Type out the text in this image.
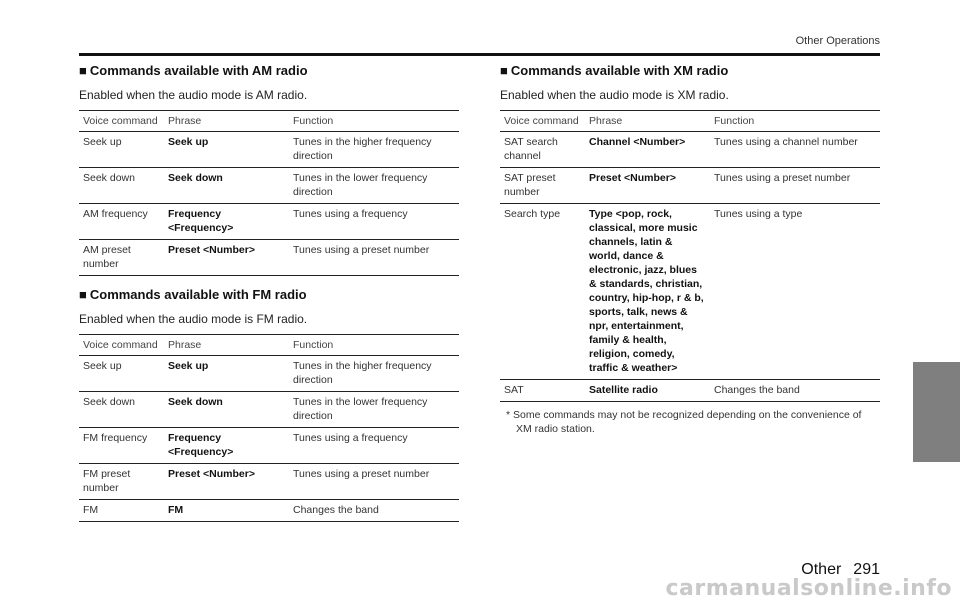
Other Operations
■ Commands available with AM radio
Enabled when the audio mode is AM radio.
Voice command	Phrase	Function
Seek up	Seek up	Tunes in the higher frequency direction
Seek down	Seek down	Tunes in the lower frequency direction
AM frequency	Frequency <Frequency>	Tunes using a frequency
AM preset number	Preset <Number>	Tunes using a preset number
■ Commands available with FM radio
Enabled when the audio mode is FM radio.
Voice command	Phrase	Function
Seek up	Seek up	Tunes in the higher frequency direction
Seek down	Seek down	Tunes in the lower frequency direction
FM frequency	Frequency <Frequency>	Tunes using a frequency
FM preset number	Preset <Number>	Tunes using a preset number
FM	FM	Changes the band
■ Commands available with XM radio
Enabled when the audio mode is XM radio.
Voice command	Phrase	Function
SAT search channel	Channel <Number>	Tunes using a channel number
SAT preset number	Preset <Number>	Tunes using a preset number
Search type	Type <pop, rock, classical, more music channels, latin & world, dance & electronic, jazz, blues & standards, christian, country, hip-hop, r & b, sports, talk, news & npr, entertainment, family & health, religion, comedy, traffic & weather>	Tunes using a type
SAT	Satellite radio	Changes the band
* Some commands may not be recognized depending on the convenience of XM radio station.
Other 291
carmanualsonline.info
